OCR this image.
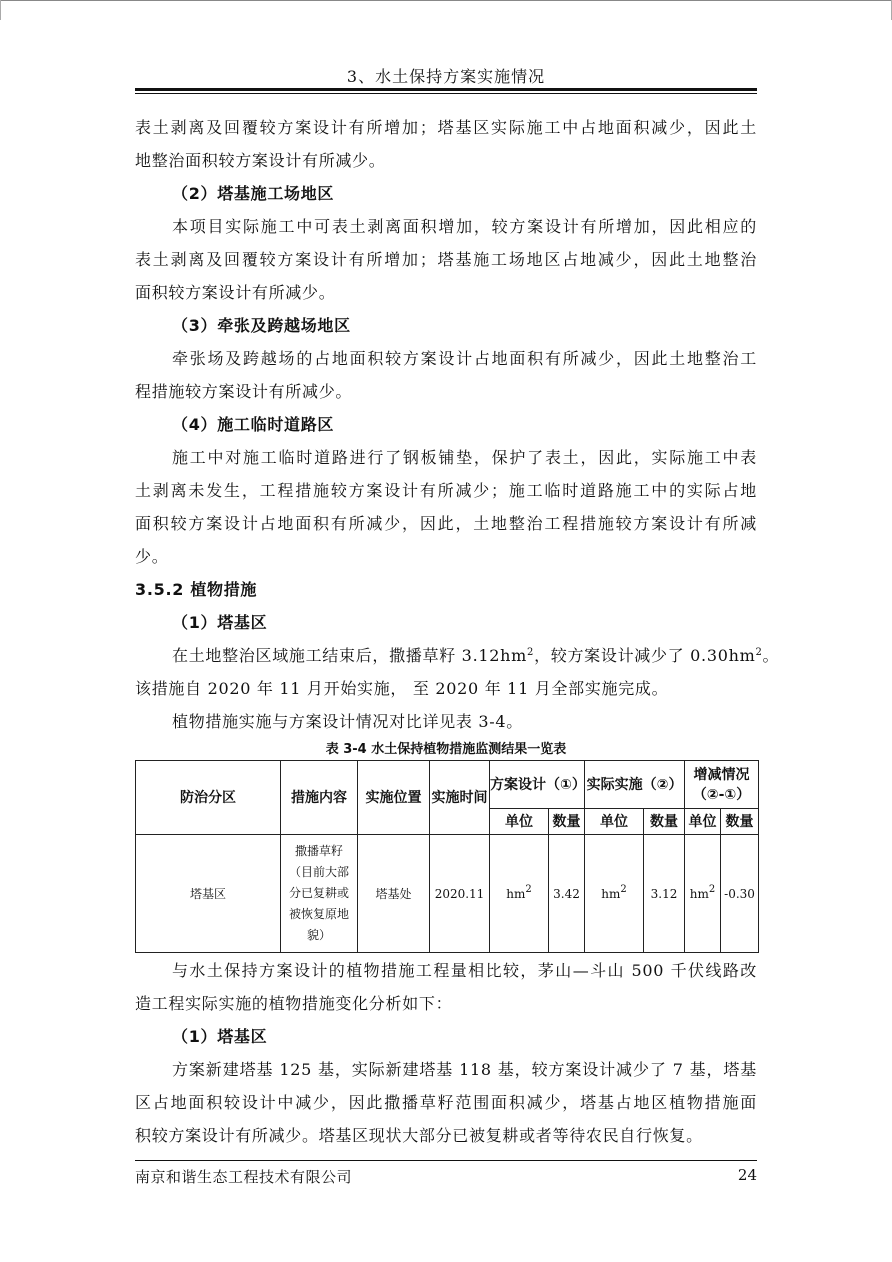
3、水土保持方案实施情况
表土剥离及回覆较方案设计有所增加；塔基区实际施工中占地面积减少，因此土
地整治面积较方案设计有所减少。
（2）塔基施工场地区
本项目实际施工中可表土剥离面积增加，较方案设计有所增加，因此相应的
表土剥离及回覆较方案设计有所增加；塔基施工场地区占地减少，因此土地整治
面积较方案设计有所减少。
（3）牵张及跨越场地区
牵张场及跨越场的占地面积较方案设计占地面积有所减少，因此土地整治工
程措施较方案设计有所减少。
（4）施工临时道路区
施工中对施工临时道路进行了钢板铺垫，保护了表土，因此，实际施工中表
土剥离未发生，工程措施较方案设计有所减少；施工临时道路施工中的实际占地
面积较方案设计占地面积有所减少，因此，土地整治工程措施较方案设计有所减
少。
3.5.2 植物措施
（1）塔基区
在土地整治区域施工结束后，撒播草籽 $3.12hm^2$，较方案设计减少了 $0.30hm^2$。
该措施自 2020 年 11 月开始实施， 至 2020 年 11 月全部实施完成。
植物措施实施与方案设计情况对比详见表 3-4。
表 3-4 水土保持植物措施监测结果一览表
防治分区	措施内容	实施位置	实施时间	方案设计（①）		实际实施（②）		增减情况（②-①）	
				单位	数量	单位	数量	单位	数量
塔基区	撒播草籽（目前大部分已复耕或被恢复原地貌）	塔基处	2020.11	$hm^2$	3.42	$hm^2$	3.12	$hm^2$	-0.30
与水土保持方案设计的植物措施工程量相比较，茅山—斗山 500 千伏线路改
造工程实际实施的植物措施变化分析如下：
（1）塔基区
方案新建塔基 125 基，实际新建塔基 118 基，较方案设计减少了 7 基，塔基
区占地面积较设计中减少，因此撒播草籽范围面积减少，塔基占地区植物措施面
积较方案设计有所减少。塔基区现状大部分已被复耕或者等待农民自行恢复。
南京和谐生态工程技术有限公司	24
